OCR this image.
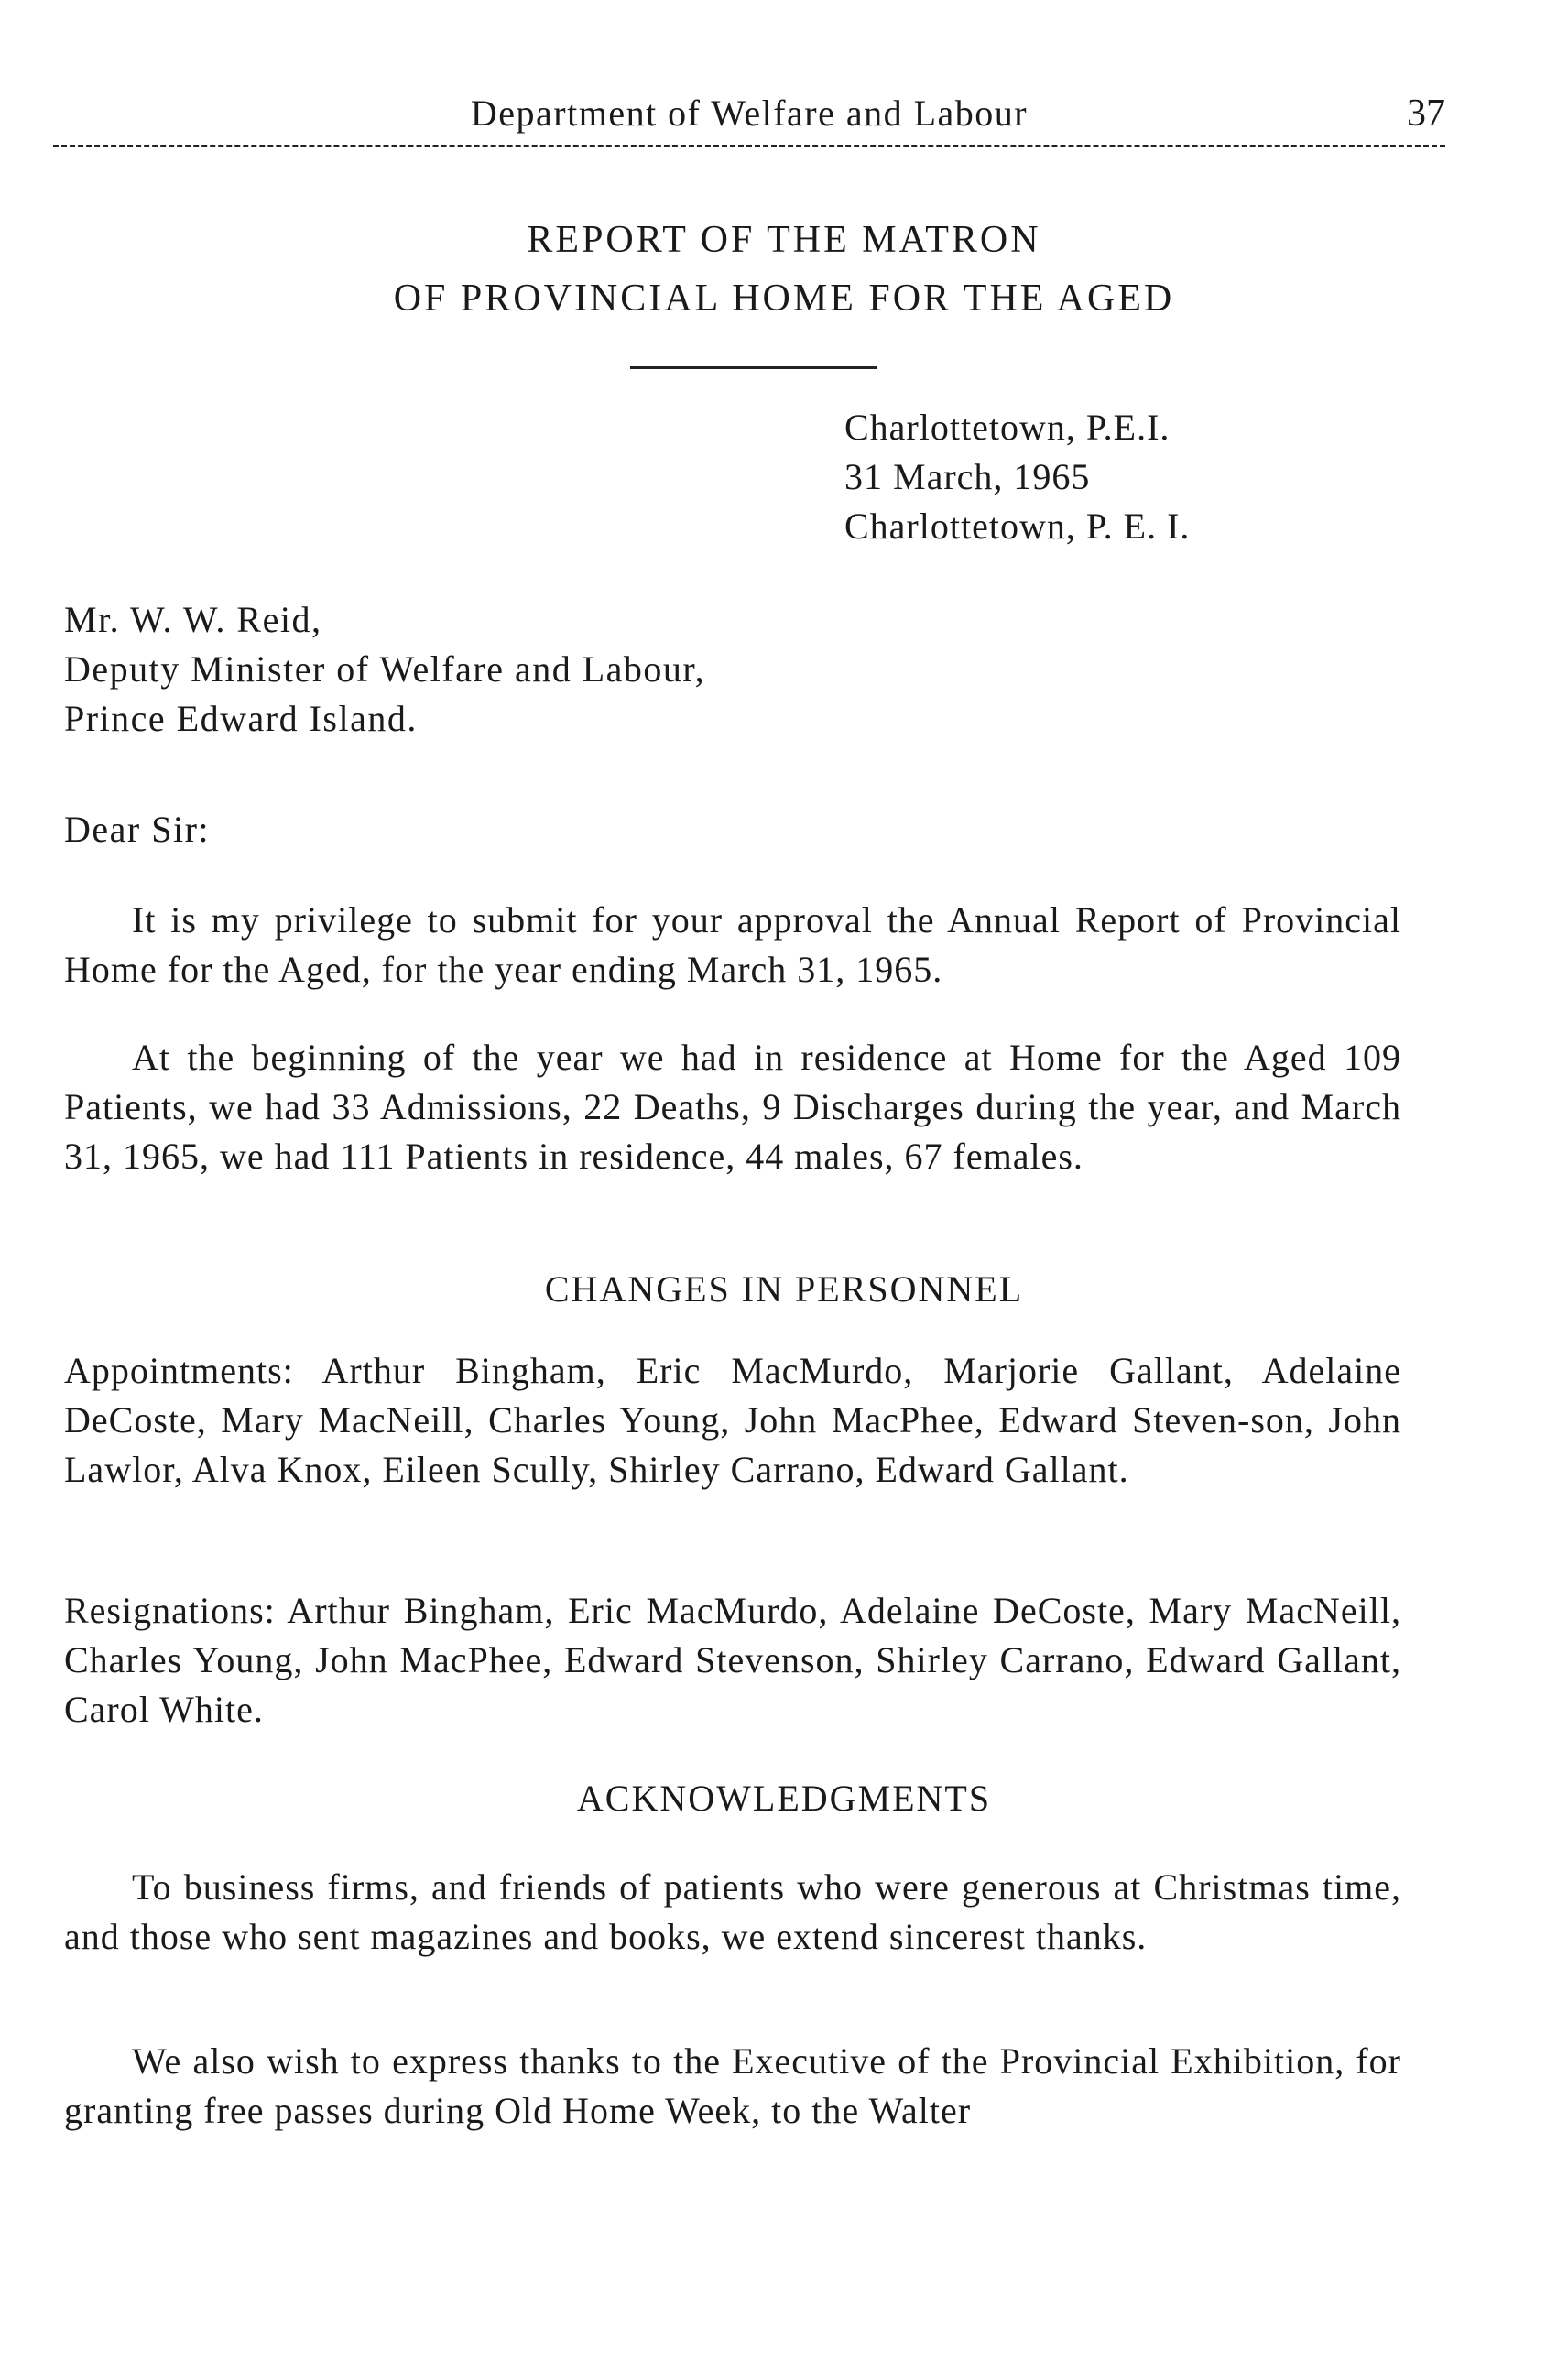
Department of Welfare and Labour	37
REPORT OF THE MATRON
OF PROVINCIAL HOME FOR THE AGED
Charlottetown, P.E.I.
31 March, 1965
Charlottetown, P. E. I.
Mr. W. W. Reid,
Deputy Minister of Welfare and Labour,
Prince Edward Island.
Dear Sir:

It is my privilege to submit for your approval the Annual Report of Provincial Home for the Aged, for the year ending March 31, 1965.

At the beginning of the year we had in residence at Home for the Aged 109 Patients, we had 33 Admissions, 22 Deaths, 9 Discharges during the year, and March 31, 1965, we had 111 Patients in residence, 44 males, 67 females.

CHANGES IN PERSONNEL

Appointments: Arthur Bingham, Eric MacMurdo, Marjorie Gallant, Adelaine DeCoste, Mary MacNeill, Charles Young, John MacPhee, Edward Steven-son, John Lawlor, Alva Knox, Eileen Scully, Shirley Carrano, Edward Gallant.

Resignations: Arthur Bingham, Eric MacMurdo, Adelaine DeCoste, Mary MacNeill, Charles Young, John MacPhee, Edward Stevenson, Shirley Carrano, Edward Gallant, Carol White.

ACKNOWLEDGMENTS

To business firms, and friends of patients who were generous at Christmas time, and those who sent magazines and books, we extend sincerest thanks.

We also wish to express thanks to the Executive of the Provincial Exhibition, for granting free passes during Old Home Week, to the Walter
